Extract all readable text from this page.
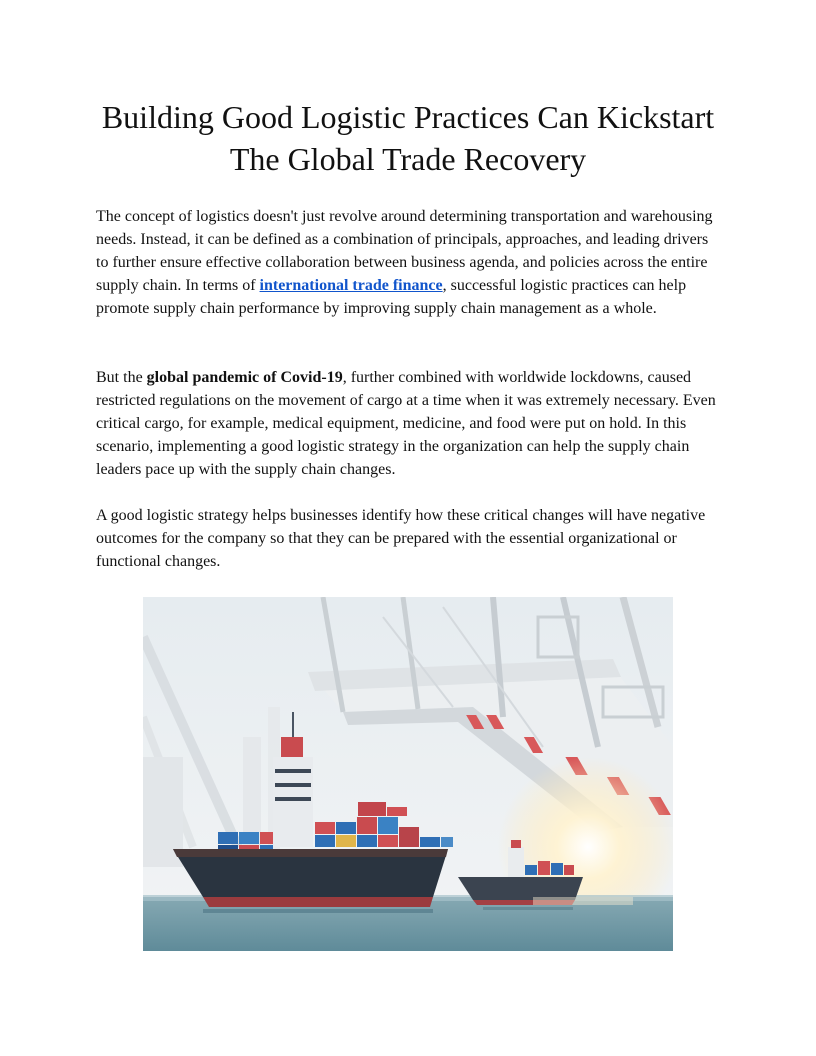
Building Good Logistic Practices Can Kickstart
The Global Trade Recovery

The concept of logistics doesn't just revolve around determining transportation and warehousing needs. Instead, it can be defined as a combination of principals, approaches, and leading drivers to further ensure effective collaboration between business agenda, and policies across the entire supply chain. In terms of international trade finance, successful logistic practices can help promote supply chain performance by improving supply chain management as a whole.

But the global pandemic of Covid-19, further combined with worldwide lockdowns, caused restricted regulations on the movement of cargo at a time when it was extremely necessary. Even critical cargo, for example, medical equipment, medicine, and food were put on hold. In this scenario, implementing a good logistic strategy in the organization can help the supply chain leaders pace up with the supply chain changes.

A good logistic strategy helps businesses identify how these critical changes will have negative outcomes for the company so that they can be prepared with the essential organizational or functional changes.
